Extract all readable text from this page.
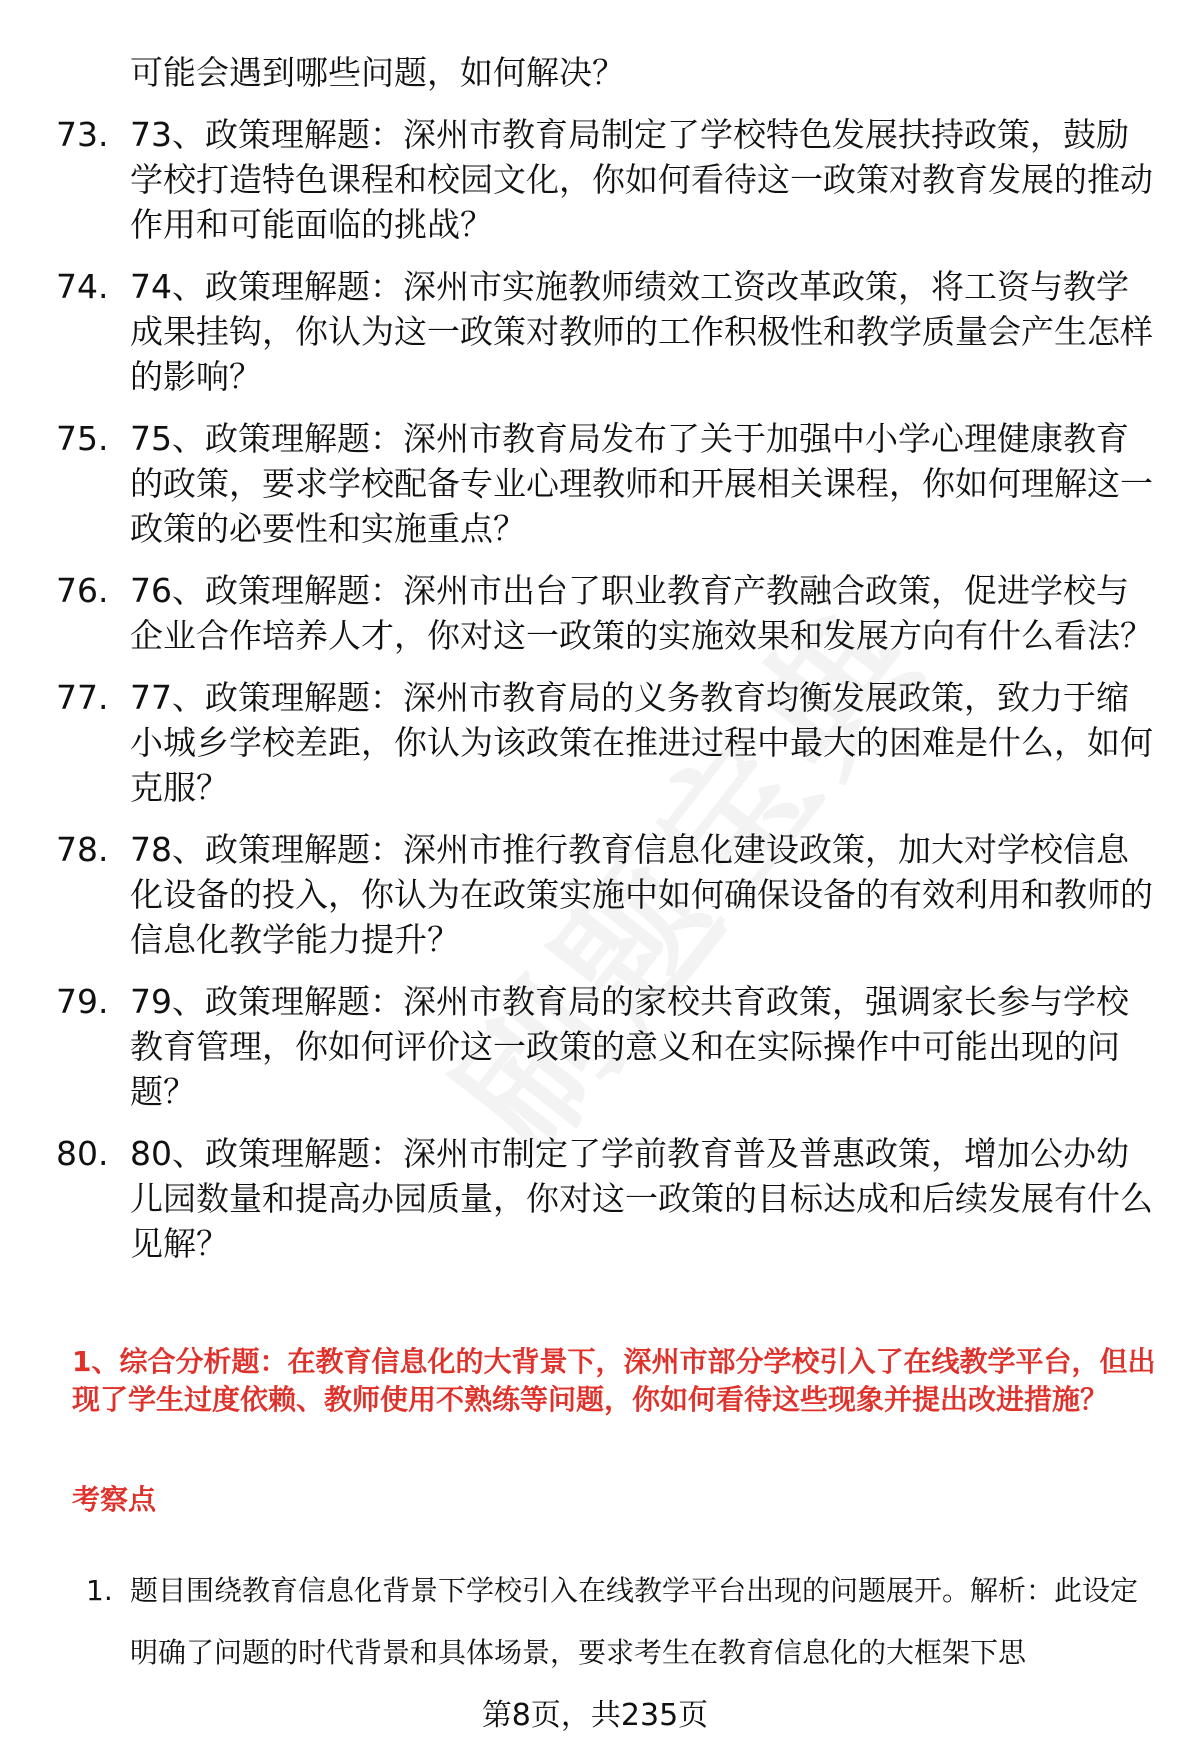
可能会遇到哪些问题，如何解决？
73. 73、政策理解题：深州市教育局制定了学校特色发展扶持政策，鼓励学校打造特色课程和校园文化，你如何看待这一政策对教育发展的推动作用和可能面临的挑战？
74. 74、政策理解题：深州市实施教师绩效工资改革政策，将工资与教学成果挂钩，你认为这一政策对教师的工作积极性和教学质量会产生怎样的影响？
75. 75、政策理解题：深州市教育局发布了关于加强中小学心理健康教育的政策，要求学校配备专业心理教师和开展相关课程，你如何理解这一政策的必要性和实施重点？
76. 76、政策理解题：深州市出台了职业教育产教融合政策，促进学校与企业合作培养人才，你对这一政策的实施效果和发展方向有什么看法？
77. 77、政策理解题：深州市教育局的义务教育均衡发展政策，致力于缩小城乡学校差距，你认为该政策在推进过程中最大的困难是什么，如何克服？
78. 78、政策理解题：深州市推行教育信息化建设政策，加大对学校信息化设备的投入，你认为在政策实施中如何确保设备的有效利用和教师的信息化教学能力提升？
79. 79、政策理解题：深州市教育局的家校共育政策，强调家长参与学校教育管理，你如何评价这一政策的意义和在实际操作中可能出现的问题？
80. 80、政策理解题：深州市制定了学前教育普及普惠政策，增加公办幼儿园数量和提高办园质量，你对这一政策的目标达成和后续发展有什么见解？
1、综合分析题：在教育信息化的大背景下，深州市部分学校引入了在线教学平台，但出现了学生过度依赖、教师使用不熟练等问题，你如何看待这些现象并提出改进措施？
考察点
1. 题目围绕教育信息化背景下学校引入在线教学平台出现的问题展开。解析：此设定明确了问题的时代背景和具体场景，要求考生在教育信息化的大框架下思
第8页，共235页
